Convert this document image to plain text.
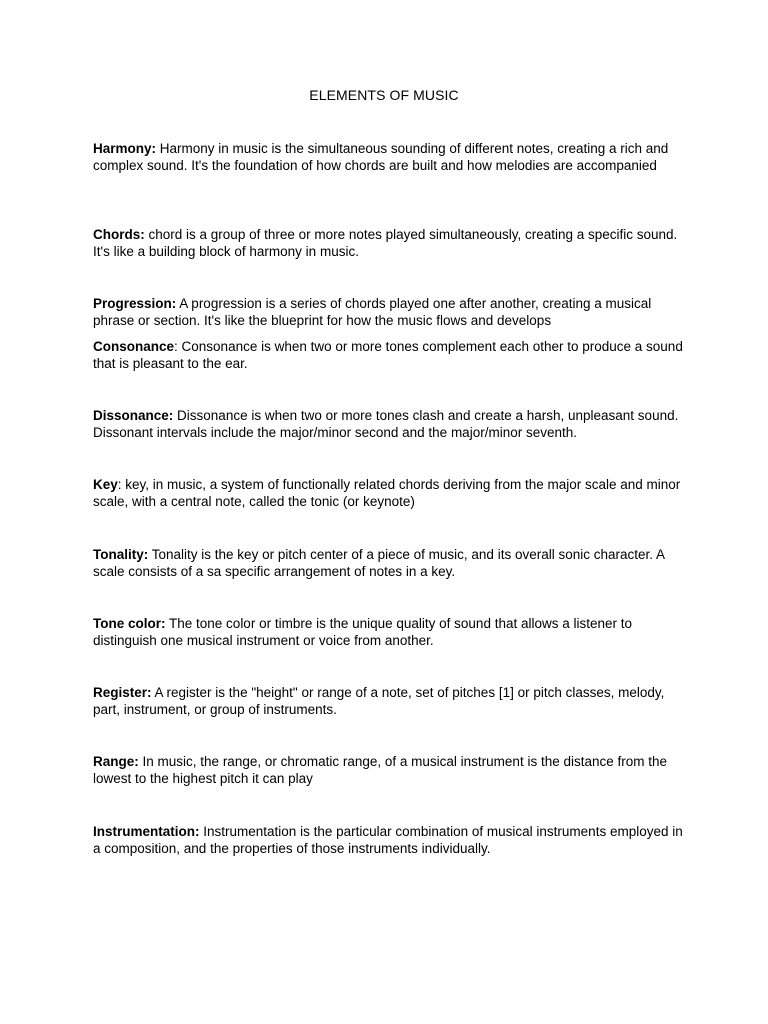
ELEMENTS OF MUSIC

Harmony: Harmony in music is the simultaneous sounding of different notes, creating a rich and complex sound. It's the foundation of how chords are built and how melodies are accompanied

Chords: chord is a group of three or more notes played simultaneously, creating a specific sound. It's like a building block of harmony in music.

Progression: A progression is a series of chords played one after another, creating a musical phrase or section. It's like the blueprint for how the music flows and develops

Consonance: Consonance is when two or more tones complement each other to produce a sound that is pleasant to the ear.

Dissonance: Dissonance is when two or more tones clash and create a harsh, unpleasant sound. Dissonant intervals include the major/minor second and the major/minor seventh.

Key: key, in music, a system of functionally related chords deriving from the major scale and minor scale, with a central note, called the tonic (or keynote)

Tonality: Tonality is the key or pitch center of a piece of music, and its overall sonic character. A scale consists of a sa specific arrangement of notes in a key.

Tone color: The tone color or timbre is the unique quality of sound that allows a listener to distinguish one musical instrument or voice from another.

Register: A register is the "height" or range of a note, set of pitches [1] or pitch classes, melody, part, instrument, or group of instruments.

Range: In music, the range, or chromatic range, of a musical instrument is the distance from the lowest to the highest pitch it can play

Instrumentation: Instrumentation is the particular combination of musical instruments employed in a composition, and the properties of those instruments individually.
